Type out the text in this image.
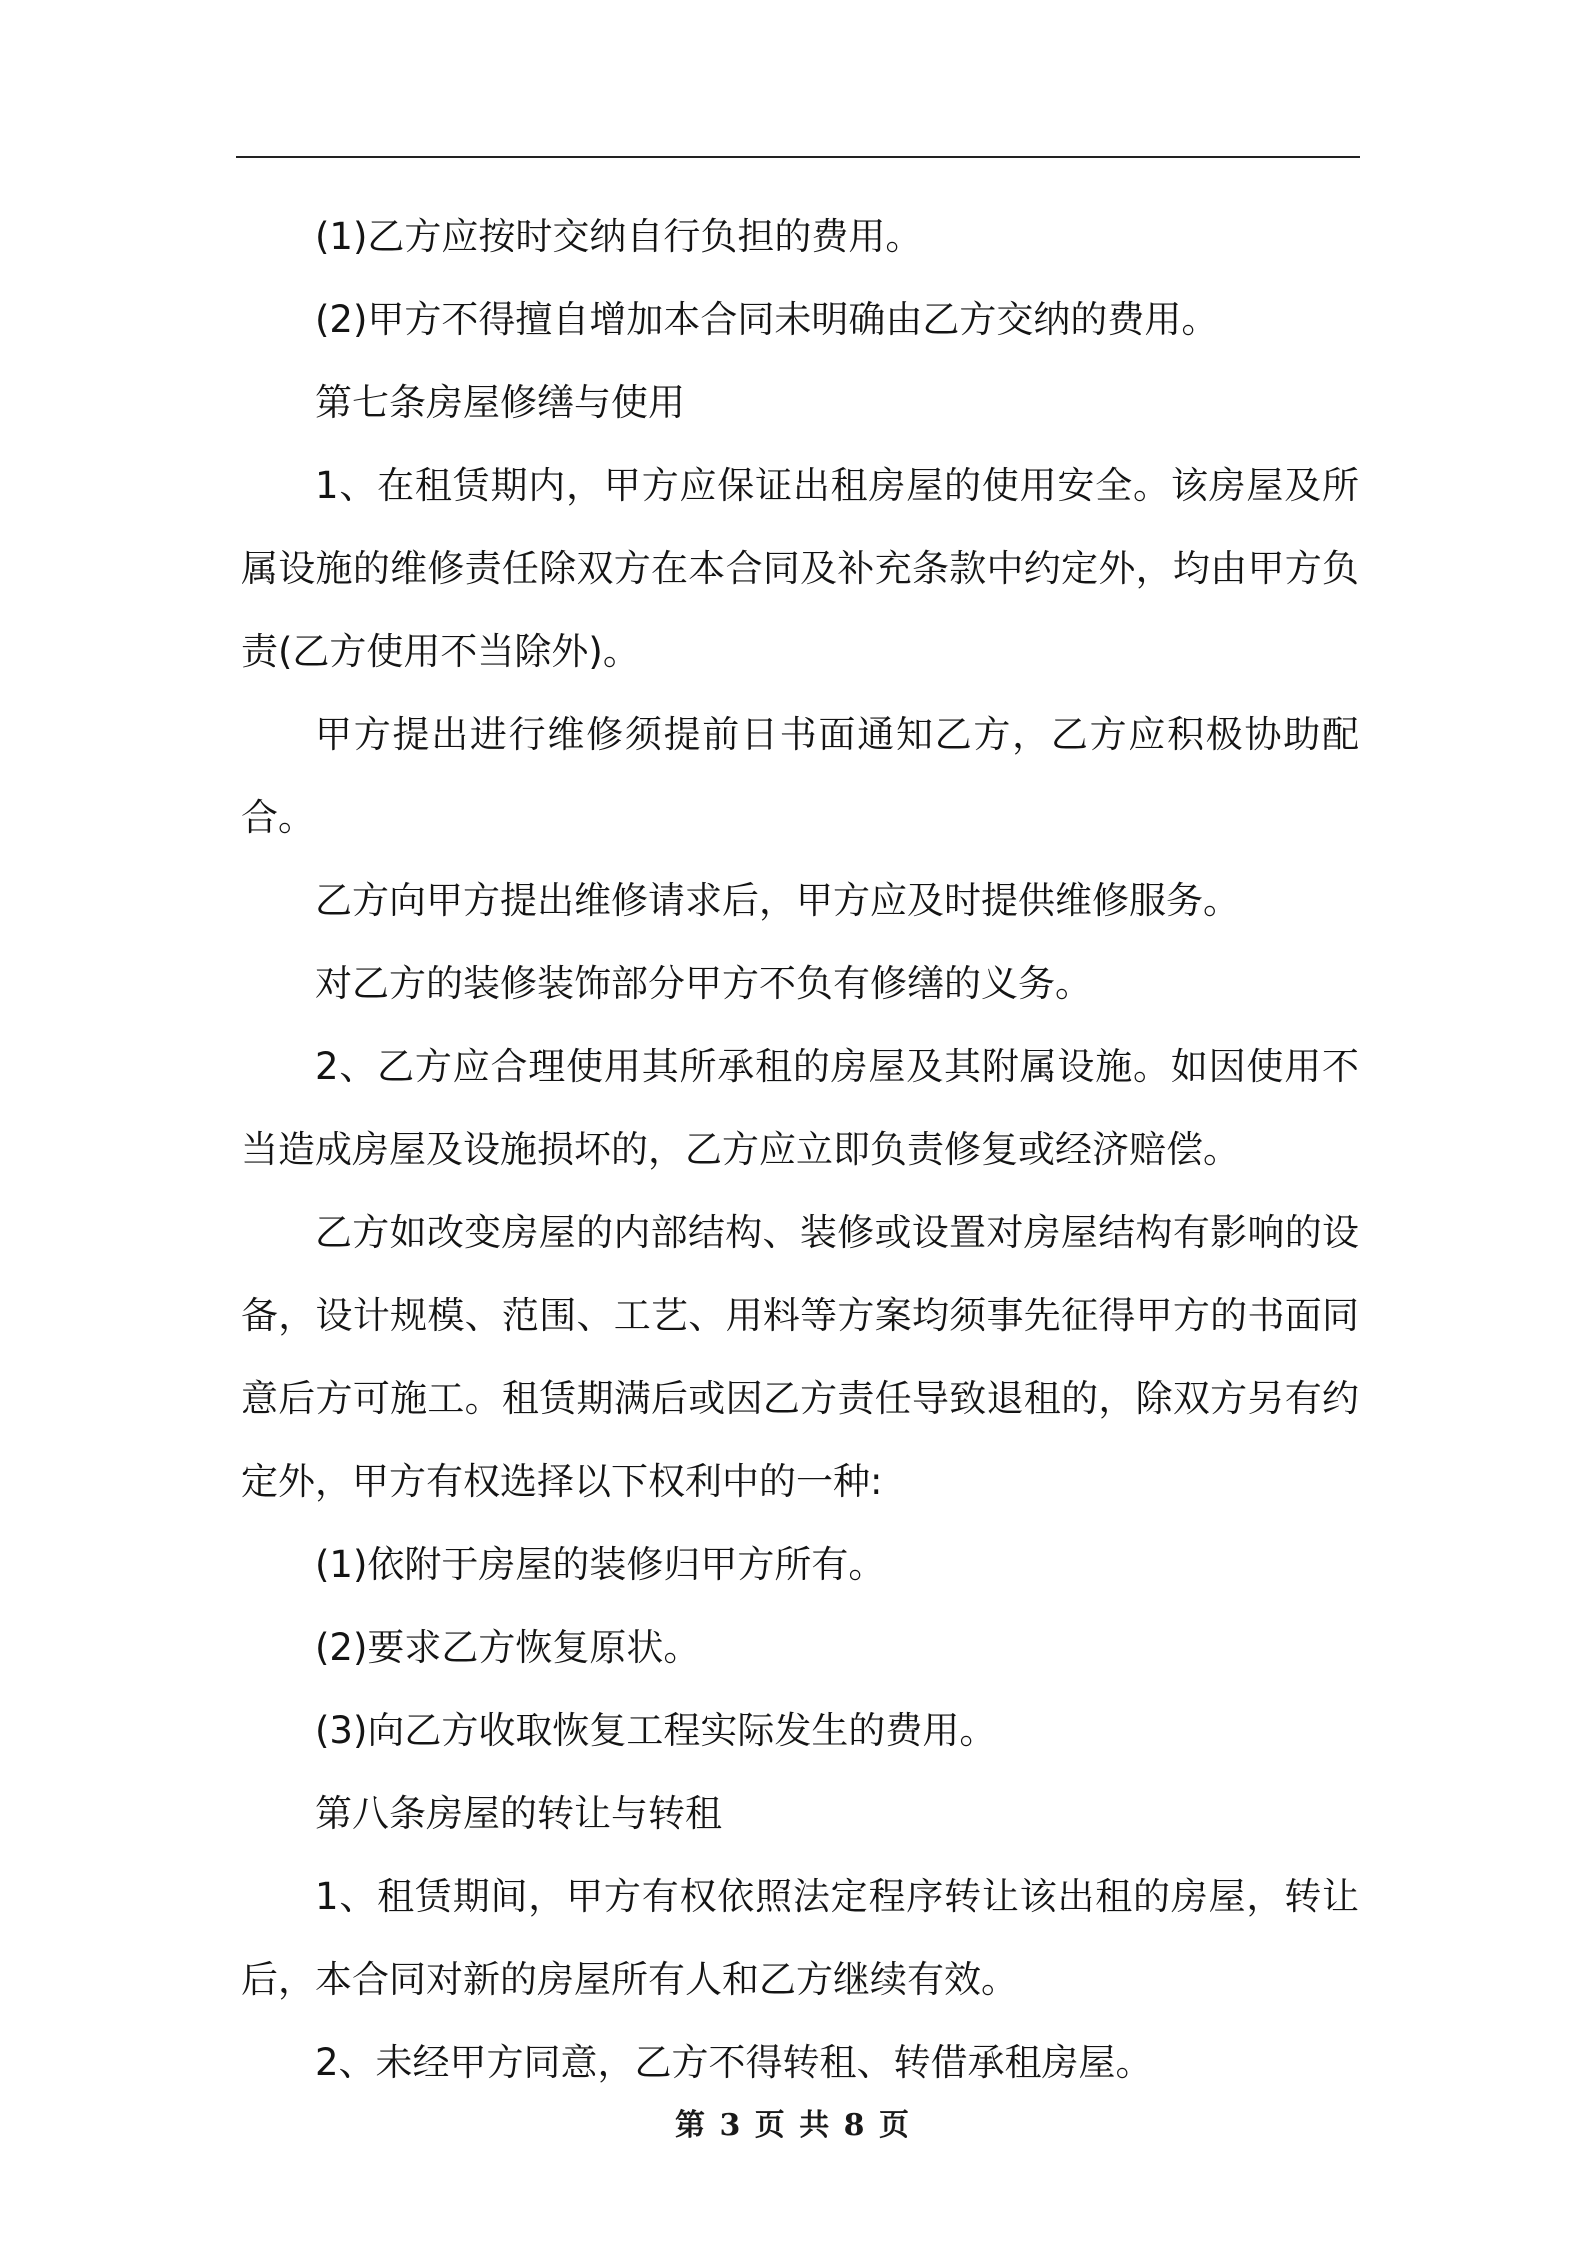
(1)乙方应按时交纳自行负担的费用。

(2)甲方不得擅自增加本合同未明确由乙方交纳的费用。

第七条房屋修缮与使用

1、在租赁期内，甲方应保证出租房屋的使用安全。该房屋及所属设施的维修责任除双方在本合同及补充条款中约定外，均由甲方负责(乙方使用不当除外)。

甲方提出进行维修须提前日书面通知乙方，乙方应积极协助配合。

乙方向甲方提出维修请求后，甲方应及时提供维修服务。

对乙方的装修装饰部分甲方不负有修缮的义务。

2、乙方应合理使用其所承租的房屋及其附属设施。如因使用不当造成房屋及设施损坏的，乙方应立即负责修复或经济赔偿。

乙方如改变房屋的内部结构、装修或设置对房屋结构有影响的设备，设计规模、范围、工艺、用料等方案均须事先征得甲方的书面同意后方可施工。租赁期满后或因乙方责任导致退租的，除双方另有约定外，甲方有权选择以下权利中的一种:

(1)依附于房屋的装修归甲方所有。

(2)要求乙方恢复原状。

(3)向乙方收取恢复工程实际发生的费用。

第八条房屋的转让与转租

1、租赁期间，甲方有权依照法定程序转让该出租的房屋，转让后，本合同对新的房屋所有人和乙方继续有效。

2、未经甲方同意，乙方不得转租、转借承租房屋。

第 3 页 共 8 页
